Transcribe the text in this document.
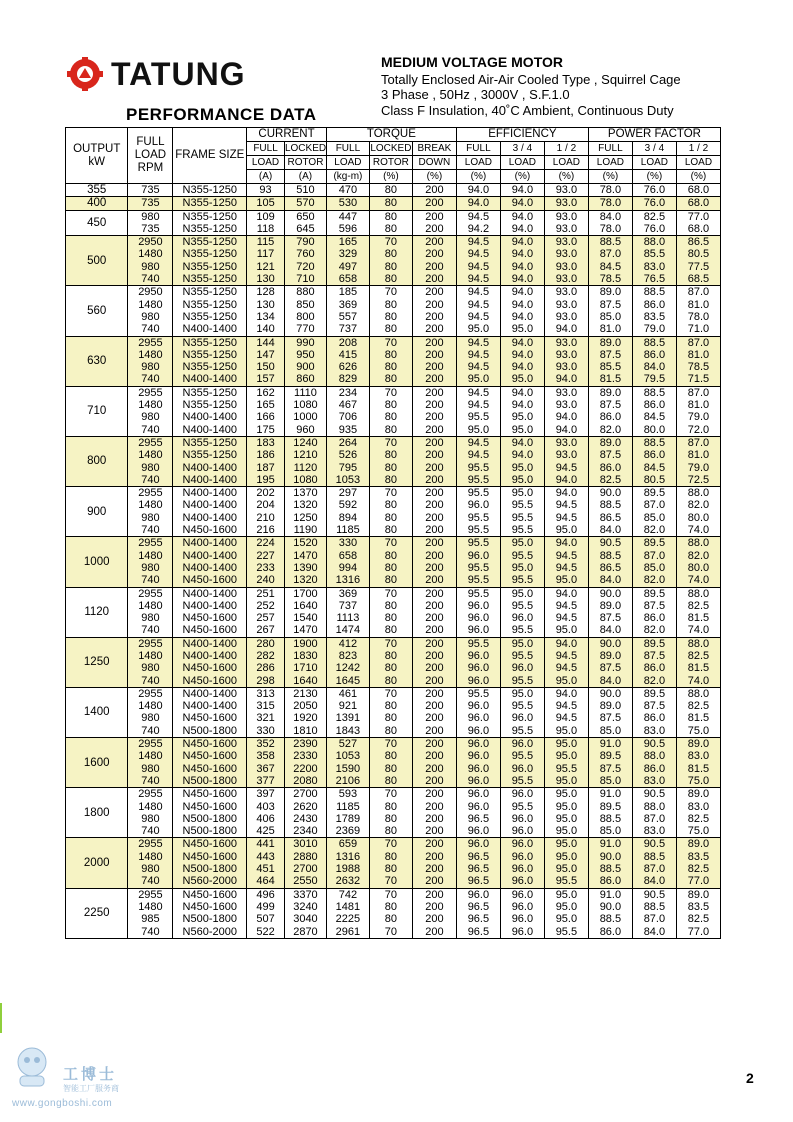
TATUNG
PERFORMANCE DATA
MEDIUM VOLTAGE MOTOR
Totally Enclosed Air-Air Cooled Type , Squirrel Cage
3 Phase , 50Hz , 3000V , S.F.1.0
Class F Insulation, 40˚C Ambient, Continuous Duty
OUTPUT
kW	FULL
LOAD
RPM	FRAME SIZE	CURRENT		TORQUE			EFFICIENCY			POWER FACTOR		
			FULL	LOCKED	FULL	LOCKED	BREAK	FULL	3 / 4	1 / 2	FULL	3 / 4	1 / 2
			LOAD	ROTOR	LOAD	ROTOR	DOWN	LOAD	LOAD	LOAD	LOAD	LOAD	LOAD
			(A)	(A)	(kg-m)	(%)	(%)	(%)	(%)	(%)	(%)	(%)	(%)
355	735	N355-1250	93	510	470	80	200	94.0	94.0	93.0	78.0	76.0	68.0
400	735	N355-1250	105	570	530	80	200	94.0	94.0	93.0	78.0	76.0	68.0
450	980	N355-1250	109	650	447	80	200	94.5	94.0	93.0	84.0	82.5	77.0
	735	N355-1250	118	645	596	80	200	94.2	94.0	93.0	78.0	76.0	68.0
500	2950	N355-1250	115	790	165	70	200	94.5	94.0	93.0	88.5	88.0	86.5
	1480	N355-1250	117	760	329	80	200	94.5	94.0	93.0	87.0	85.5	80.5
	980	N355-1250	121	720	497	80	200	94.5	94.0	93.0	84.5	83.0	77.5
	740	N355-1250	130	710	658	80	200	94.5	94.0	93.0	78.5	76.5	68.5
560	2950	N355-1250	128	880	185	70	200	94.5	94.0	93.0	89.0	88.5	87.0
	1480	N355-1250	130	850	369	80	200	94.5	94.0	93.0	87.5	86.0	81.0
	980	N355-1250	134	800	557	80	200	94.5	94.0	93.0	85.0	83.5	78.0
	740	N400-1400	140	770	737	80	200	95.0	95.0	94.0	81.0	79.0	71.0
630	2955	N355-1250	144	990	208	70	200	94.5	94.0	93.0	89.0	88.5	87.0
	1480	N355-1250	147	950	415	80	200	94.5	94.0	93.0	87.5	86.0	81.0
	980	N355-1250	150	900	626	80	200	94.5	94.0	93.0	85.5	84.0	78.5
	740	N400-1400	157	860	829	80	200	95.0	95.0	94.0	81.5	79.5	71.5
710	2955	N355-1250	162	1110	234	70	200	94.5	94.0	93.0	89.0	88.5	87.0
	1480	N355-1250	165	1080	467	80	200	94.5	94.0	93.0	87.5	86.0	81.0
	980	N400-1400	166	1000	706	80	200	95.5	95.0	94.0	86.0	84.5	79.0
	740	N400-1400	175	960	935	80	200	95.0	95.0	94.0	82.0	80.0	72.0
800	2955	N355-1250	183	1240	264	70	200	94.5	94.0	93.0	89.0	88.5	87.0
	1480	N355-1250	186	1210	526	80	200	94.5	94.0	93.0	87.5	86.0	81.0
	980	N400-1400	187	1120	795	80	200	95.5	95.0	94.5	86.0	84.5	79.0
	740	N400-1400	195	1080	1053	80	200	95.5	95.0	94.0	82.5	80.5	72.5
900	2955	N400-1400	202	1370	297	70	200	95.5	95.0	94.0	90.0	89.5	88.0
	1480	N400-1400	204	1320	592	80	200	96.0	95.5	94.5	88.5	87.0	82.0
	980	N400-1400	210	1250	894	80	200	95.5	95.5	94.5	86.5	85.0	80.0
	740	N450-1600	216	1190	1185	80	200	95.5	95.5	95.0	84.0	82.0	74.0
1000	2955	N400-1400	224	1520	330	70	200	95.5	95.0	94.0	90.5	89.5	88.0
	1480	N400-1400	227	1470	658	80	200	96.0	95.5	94.5	88.5	87.0	82.0
	980	N400-1400	233	1390	994	80	200	95.5	95.0	94.5	86.5	85.0	80.0
	740	N450-1600	240	1320	1316	80	200	95.5	95.5	95.0	84.0	82.0	74.0
1120	2955	N400-1400	251	1700	369	70	200	95.5	95.0	94.0	90.0	89.5	88.0
	1480	N400-1400	252	1640	737	80	200	96.0	95.5	94.5	89.0	87.5	82.5
	980	N450-1600	257	1540	1113	80	200	96.0	96.0	94.5	87.5	86.0	81.5
	740	N450-1600	267	1470	1474	80	200	96.0	95.5	95.0	84.0	82.0	74.0
1250	2955	N400-1400	280	1900	412	70	200	95.5	95.0	94.0	90.0	89.5	88.0
	1480	N400-1400	282	1830	823	80	200	96.0	95.5	94.5	89.0	87.5	82.5
	980	N450-1600	286	1710	1242	80	200	96.0	96.0	94.5	87.5	86.0	81.5
	740	N450-1600	298	1640	1645	80	200	96.0	95.5	95.0	84.0	82.0	74.0
1400	2955	N400-1400	313	2130	461	70	200	95.5	95.0	94.0	90.0	89.5	88.0
	1480	N400-1400	315	2050	921	80	200	96.0	95.5	94.5	89.0	87.5	82.5
	980	N450-1600	321	1920	1391	80	200	96.0	96.0	94.5	87.5	86.0	81.5
	740	N500-1800	330	1810	1843	80	200	96.0	95.5	95.0	85.0	83.0	75.0
1600	2955	N450-1600	352	2390	527	70	200	96.0	96.0	95.0	91.0	90.5	89.0
	1480	N450-1600	358	2330	1053	80	200	96.0	95.5	95.0	89.5	88.0	83.0
	980	N450-1600	367	2200	1590	80	200	96.0	96.0	95.5	87.5	86.0	81.5
	740	N500-1800	377	2080	2106	80	200	96.0	95.5	95.0	85.0	83.0	75.0
1800	2955	N450-1600	397	2700	593	70	200	96.0	96.0	95.0	91.0	90.5	89.0
	1480	N450-1600	403	2620	1185	80	200	96.0	95.5	95.0	89.5	88.0	83.0
	980	N500-1800	406	2430	1789	80	200	96.5	96.0	95.0	88.5	87.0	82.5
	740	N500-1800	425	2340	2369	80	200	96.0	96.0	95.0	85.0	83.0	75.0
2000	2955	N450-1600	441	3010	659	70	200	96.0	96.0	95.0	91.0	90.5	89.0
	1480	N450-1600	443	2880	1316	80	200	96.5	96.0	95.0	90.0	88.5	83.5
	980	N500-1800	451	2700	1988	80	200	96.5	96.0	95.0	88.5	87.0	82.5
	740	N560-2000	464	2550	2632	70	200	96.5	96.0	95.5	86.0	84.0	77.0
2250	2955	N450-1600	496	3370	742	70	200	96.0	96.0	95.0	91.0	90.5	89.0
	1480	N450-1600	499	3240	1481	80	200	96.5	96.0	95.0	90.0	88.5	83.5
	985	N500-1800	507	3040	2225	80	200	96.5	96.0	95.0	88.5	87.0	82.5
	740	N560-2000	522	2870	2961	70	200	96.5	96.0	95.5	86.0	84.0	77.0
工博士
智能工厂服务商
www.gongboshi.com
2
